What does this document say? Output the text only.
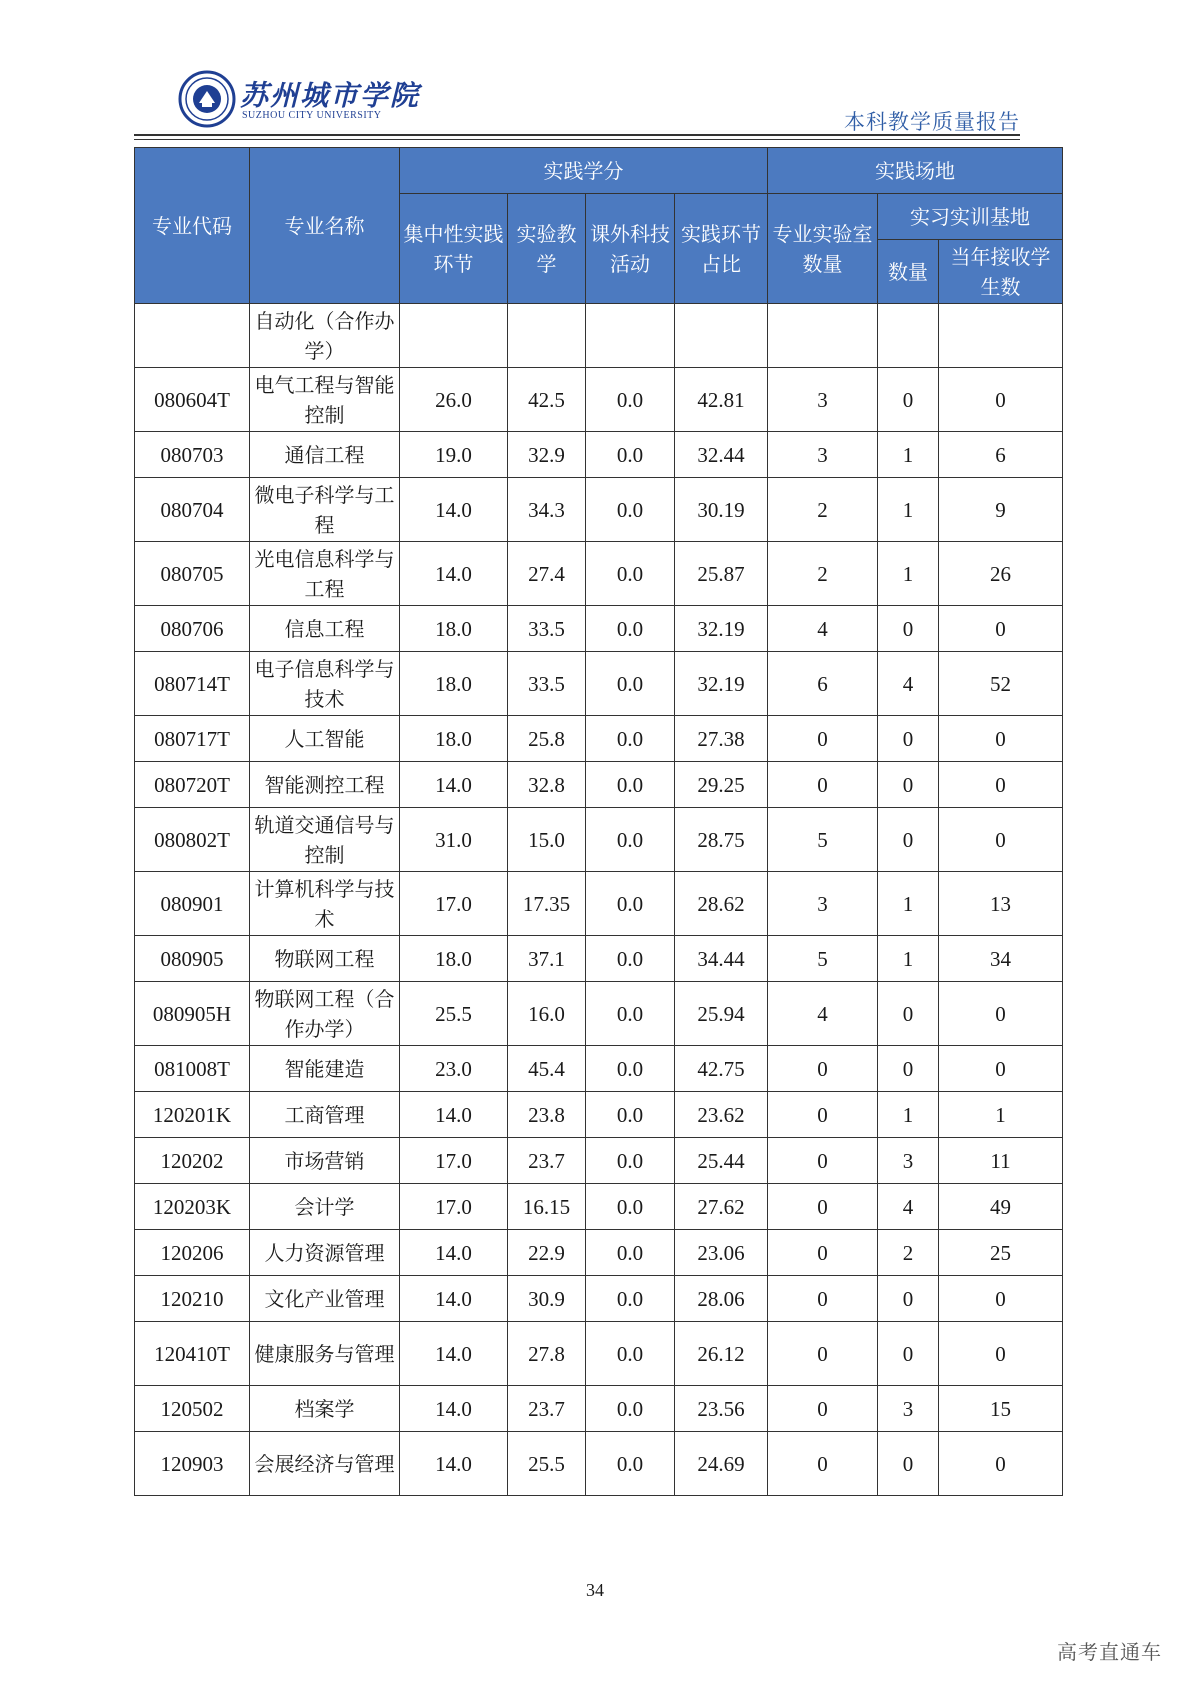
苏州城市学院
SUZHOU CITY UNIVERSITY	本科教学质量报告
专业代码	专业名称	实践学分				实践场地		
		集中性实践环节	实验教学	课外科技活动	实践环节占比	专业实验室数量	实习实训基地	
							数量	当年接收学生数
	自动化（合作办学）							
080604T	电气工程与智能控制	26.0	42.5	0.0	42.81	3	0	0
080703	通信工程	19.0	32.9	0.0	32.44	3	1	6
080704	微电子科学与工程	14.0	34.3	0.0	30.19	2	1	9
080705	光电信息科学与工程	14.0	27.4	0.0	25.87	2	1	26
080706	信息工程	18.0	33.5	0.0	32.19	4	0	0
080714T	电子信息科学与技术	18.0	33.5	0.0	32.19	6	4	52
080717T	人工智能	18.0	25.8	0.0	27.38	0	0	0
080720T	智能测控工程	14.0	32.8	0.0	29.25	0	0	0
080802T	轨道交通信号与控制	31.0	15.0	0.0	28.75	5	0	0
080901	计算机科学与技术	17.0	17.35	0.0	28.62	3	1	13
080905	物联网工程	18.0	37.1	0.0	34.44	5	1	34
080905H	物联网工程（合作办学）	25.5	16.0	0.0	25.94	4	0	0
081008T	智能建造	23.0	45.4	0.0	42.75	0	0	0
120201K	工商管理	14.0	23.8	0.0	23.62	0	1	1
120202	市场营销	17.0	23.7	0.0	25.44	0	3	11
120203K	会计学	17.0	16.15	0.0	27.62	0	4	49
120206	人力资源管理	14.0	22.9	0.0	23.06	0	2	25
120210	文化产业管理	14.0	30.9	0.0	28.06	0	0	0
120410T	健康服务与管理	14.0	27.8	0.0	26.12	0	0	0
120502	档案学	14.0	23.7	0.0	23.56	0	3	15
120903	会展经济与管理	14.0	25.5	0.0	24.69	0	0	0
34
高考直通车
